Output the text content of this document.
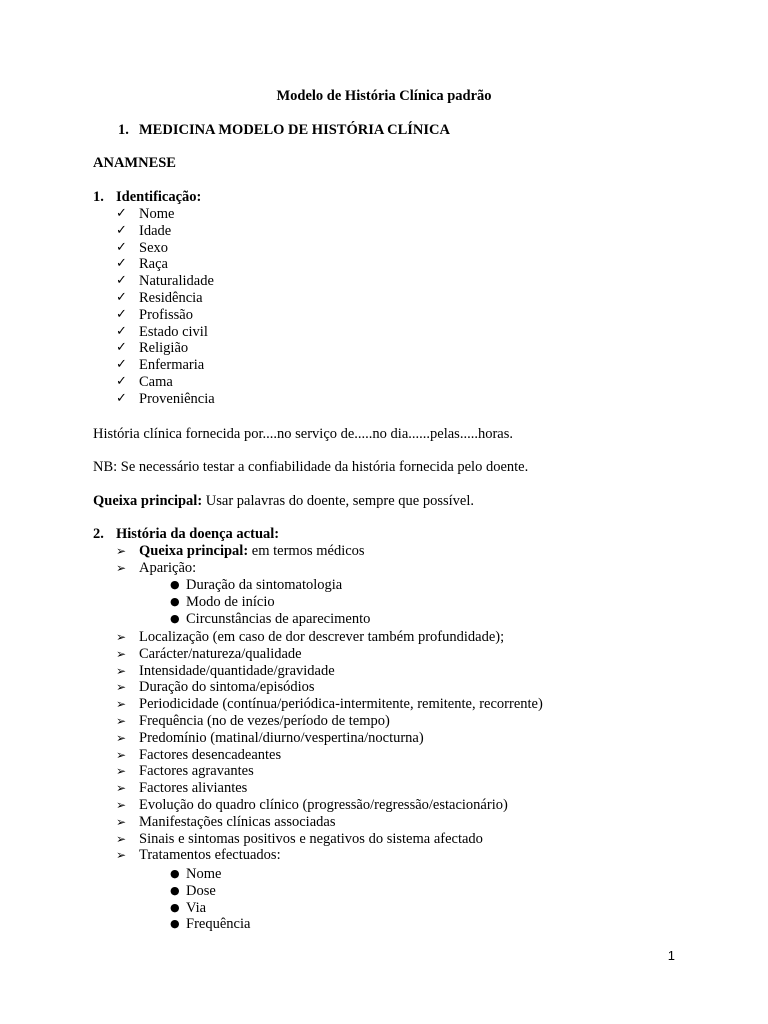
Modelo de História Clínica padrão
1. MEDICINA MODELO DE HISTÓRIA CLÍNICA
ANAMNESE
1. Identificação:
✓ Nome
✓ Idade
✓ Sexo
✓ Raça
✓ Naturalidade
✓ Residência
✓ Profissão
✓ Estado civil
✓ Religião
✓ Enfermaria
✓ Cama
✓ Proveniência
História clínica fornecida por....no serviço de.....no dia......pelas.....horas.
NB: Se necessário testar a confiabilidade da história fornecida pelo doente.
Queixa principal: Usar palavras do doente, sempre que possível.
2. História da doença actual:
➢ Queixa principal: em termos médicos
➢ Aparição:
● Duração da sintomatologia
● Modo de início
● Circunstâncias de aparecimento
➢ Localização (em caso de dor descrever também profundidade);
➢ Carácter/natureza/qualidade
➢ Intensidade/quantidade/gravidade
➢ Duração do sintoma/episódios
➢ Periodicidade (contínua/periódica-intermitente, remitente, recorrente)
➢ Frequência (no de vezes/período de tempo)
➢ Predomínio (matinal/diurno/vespertina/nocturna)
➢ Factores desencadeantes
➢ Factores agravantes
➢ Factores aliviantes
➢ Evolução do quadro clínico (progressão/regressão/estacionário)
➢ Manifestações clínicas associadas
➢ Sinais e sintomas positivos e negativos do sistema afectado
➢ Tratamentos efectuados:
● Nome
● Dose
● Via
● Frequência
1
